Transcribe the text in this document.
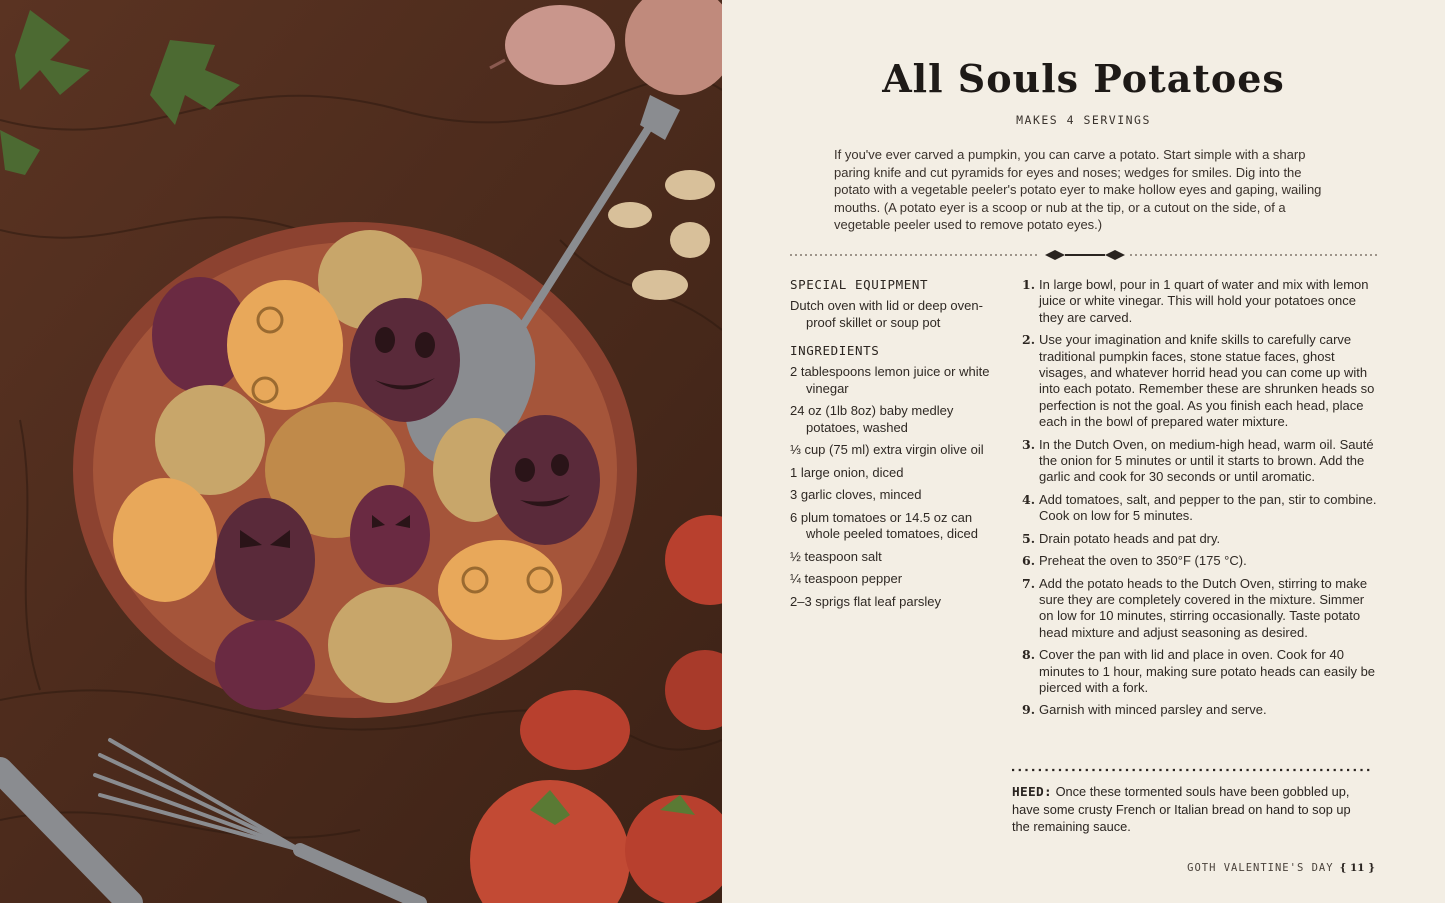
All Souls Potatoes
MAKES 4 SERVINGS
If you've ever carved a pumpkin, you can carve a potato. Start simple with a sharp paring knife and cut pyramids for eyes and noses; wedges for smiles. Dig into the potato with a vegetable peeler's potato eyer to make hollow eyes and gaping, wailing mouths. (A potato eyer is a scoop or nub at the tip, or a cutout on the side, of a vegetable peeler used to remove potato eyes.)
SPECIAL EQUIPMENT
Dutch oven with lid or deep oven-proof skillet or soup pot
INGREDIENTS
2 tablespoons lemon juice or white vinegar
24 oz (1lb 8oz) baby medley potatoes, washed
⅓ cup (75 ml) extra virgin olive oil
1 large onion, diced
3 garlic cloves, minced
6 plum tomatoes or 14.5 oz can whole peeled tomatoes, diced
½ teaspoon salt
¼ teaspoon pepper
2–3 sprigs flat leaf parsley
1. In large bowl, pour in 1 quart of water and mix with lemon juice or white vinegar. This will hold your potatoes once they are carved.
2. Use your imagination and knife skills to carefully carve traditional pumpkin faces, stone statue faces, ghost visages, and whatever horrid head you can come up with into each potato. Remember these are shrunken heads so perfection is not the goal. As you finish each head, place each in the bowl of prepared water mixture.
3. In the Dutch Oven, on medium-high head, warm oil. Sauté the onion for 5 minutes or until it starts to brown. Add the garlic and cook for 30 seconds or until aromatic.
4. Add tomatoes, salt, and pepper to the pan, stir to combine. Cook on low for 5 minutes.
5. Drain potato heads and pat dry.
6. Preheat the oven to 350°F (175 °C).
7. Add the potato heads to the Dutch Oven, stirring to make sure they are completely covered in the mixture. Simmer on low for 10 minutes, stirring occasionally. Taste potato head mixture and adjust seasoning as desired.
8. Cover the pan with lid and place in oven. Cook for 40 minutes to 1 hour, making sure potato heads can easily be pierced with a fork.
9. Garnish with minced parsley and serve.
HEED: Once these tormented souls have been gobbled up, have some crusty French or Italian bread on hand to sop up the remaining sauce.
GOTH VALENTINE'S DAY { 11 }
